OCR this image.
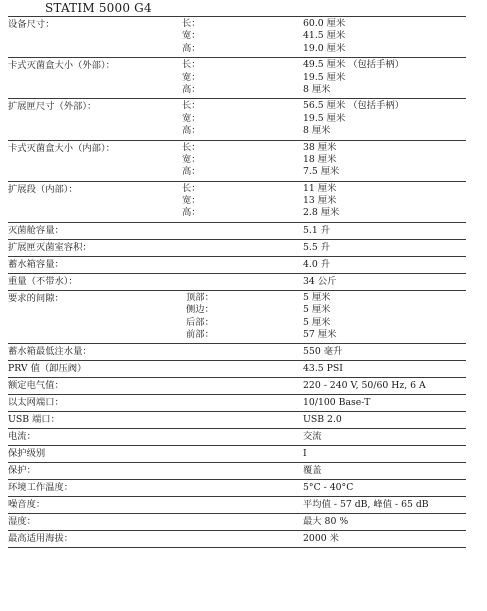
STATIM 5000 G4
设备尺寸：	长：	60.0 厘米
宽：	41.5 厘米
高：	19.0 厘米
卡式灭菌盒大小（外部）：	长：	49.5 厘米 （包括手柄）
宽：	19.5 厘米
高：	8 厘米
扩展匣尺寸（外部）：	长：	56.5 厘米 （包括手柄）
宽：	19.5 厘米
高：	8 厘米
卡式灭菌盒大小（内部）：	长：	38 厘米
宽：	18 厘米
高：	7.5 厘米
扩展段（内部）：	长：	11 厘米
宽：	13 厘米
高：	2.8 厘米
灭菌舱容量：	5.1 升
扩展匣灭菌室容积：	5.5 升
蓄水箱容量：	4.0 升
重量（不带水）：	34 公斤
要求的间隙：	顶部：	5 厘米
侧边：	5 厘米
后部：	5 厘米
前部：	57 厘米
蓄水箱最低注水量：	550 毫升
PRV 值（卸压阀）	43.5 PSI
额定电气值：	220 - 240 V, 50/60 Hz, 6 A
以太网端口：	10/100 Base-T
USB 端口：	USB 2.0
电流：	交流
保护级别	I
保护：	覆盖
环境工作温度：	5°C - 40°C
噪音度：	平均值 - 57 dB, 峰值 - 65 dB
湿度：	最大 80 %
最高适用海拔：	2000 米
